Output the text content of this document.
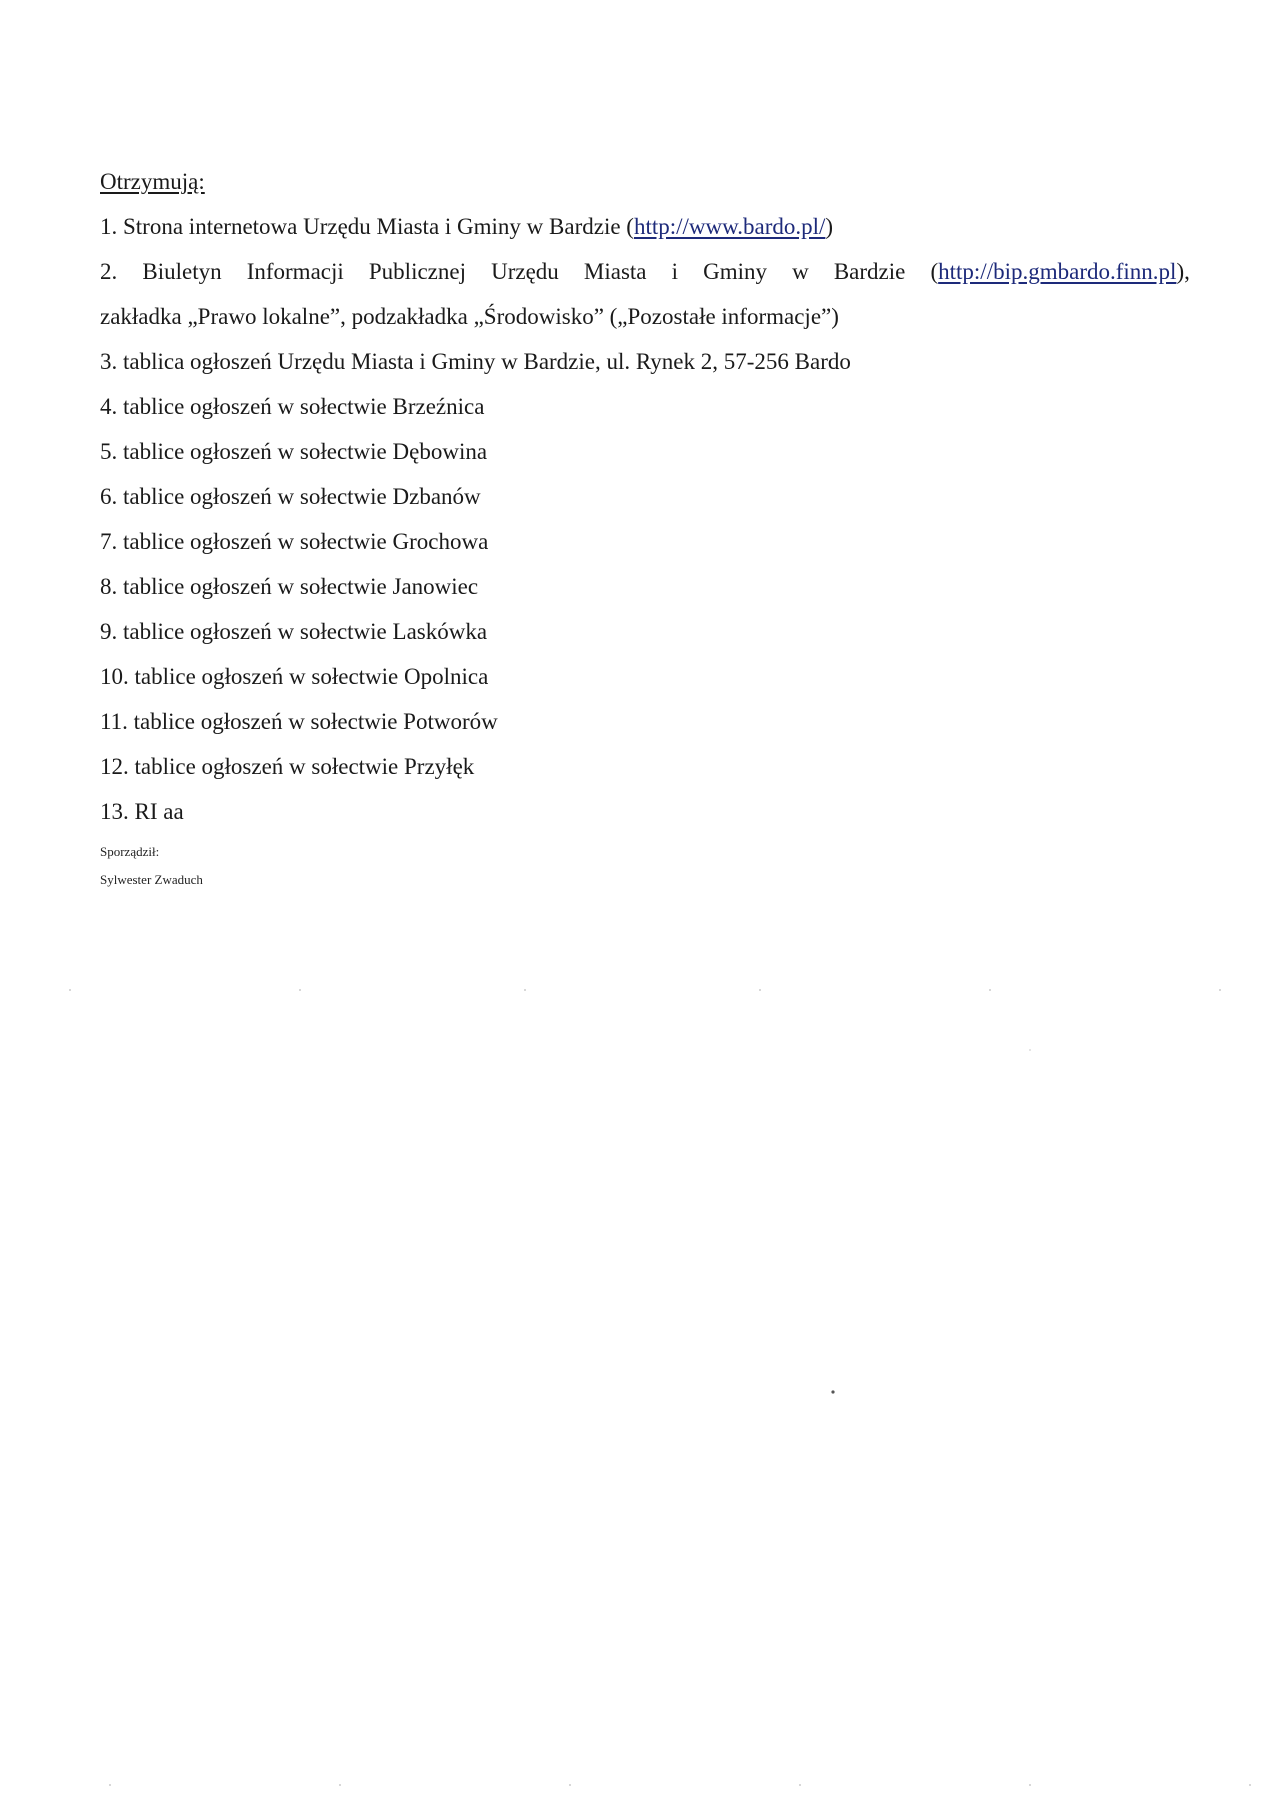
Otrzymują:
1. Strona internetowa Urzędu Miasta i Gminy w Bardzie (http://www.bardo.pl/)
2. Biuletyn Informacji Publicznej Urzędu Miasta i Gminy w Bardzie (http://bip.gmbardo.finn.pl),
zakładka „Prawo lokalne”, podzakładka „Środowisko” („Pozostałe informacje”)
3. tablica ogłoszeń Urzędu Miasta i Gminy w Bardzie, ul. Rynek 2, 57-256 Bardo
4. tablice ogłoszeń w sołectwie Brzeźnica
5. tablice ogłoszeń w sołectwie Dębowina
6. tablice ogłoszeń w sołectwie Dzbanów
7. tablice ogłoszeń w sołectwie Grochowa
8. tablice ogłoszeń w sołectwie Janowiec
9. tablice ogłoszeń w sołectwie Laskówka
10. tablice ogłoszeń w sołectwie Opolnica
11. tablice ogłoszeń w sołectwie Potworów
12. tablice ogłoszeń w sołectwie Przyłęk
13. RI aa
Sporządził:
Sylwester Zwaduch
